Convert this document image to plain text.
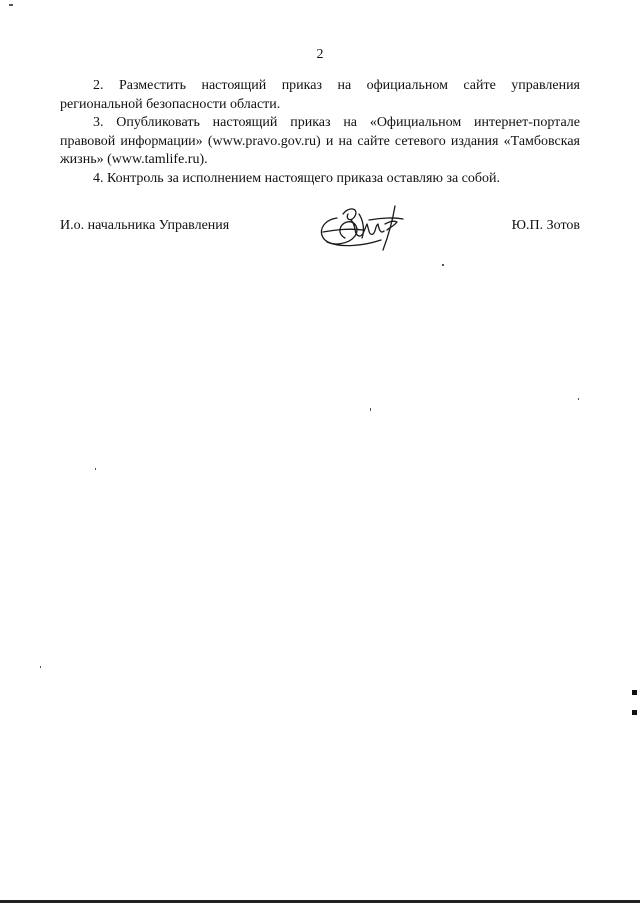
2

2. Разместить настоящий приказ на официальном сайте управления региональной безопасности области.

3. Опубликовать настоящий приказ на «Официальном интернет-портале правовой информации» (www.pravo.gov.ru) и на сайте сетевого издания «Тамбовская жизнь» (www.tamlife.ru).

4. Контроль за исполнением настоящего приказа оставляю за собой.

И.о. начальника Управления	Ю.П. Зотов
